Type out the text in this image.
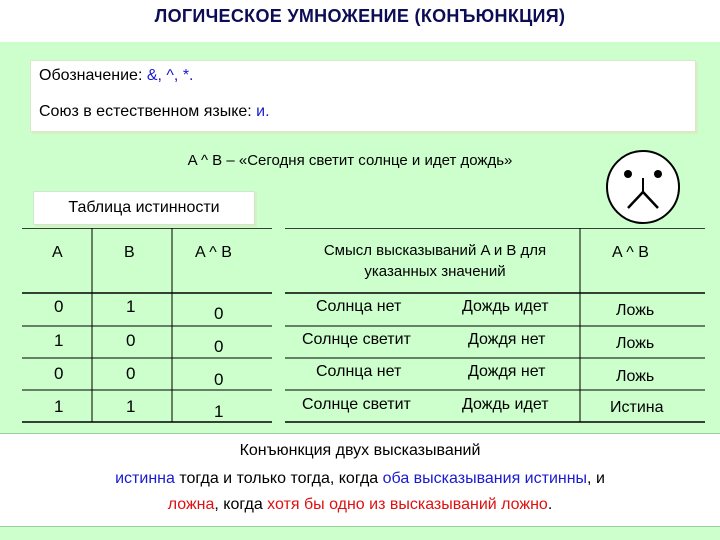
ЛОГИЧЕСКОЕ УМНОЖЕНИЕ (КОНЪЮНКЦИЯ)
Обозначение: &, ^, *.
Союз в естественном языке: и.
A ^ B – «Сегодня светит солнце и идет дождь»
Таблица истинности
A	B	A ^ B
0	1	0
1	0	0
0	0	0
1	1	1
Смысл высказываний A и B для указанных значений
A ^ B
Солнца нет	Дождь идет	Ложь
Солнце светит	Дождя нет	Ложь
Солнца нет	Дождя нет	Ложь
Солнце светит	Дождь идет	Истина
Конъюнкция двух высказываний
истинна тогда и только тогда, когда оба высказывания истинны, и
ложна, когда хотя бы одно из высказываний ложно.
